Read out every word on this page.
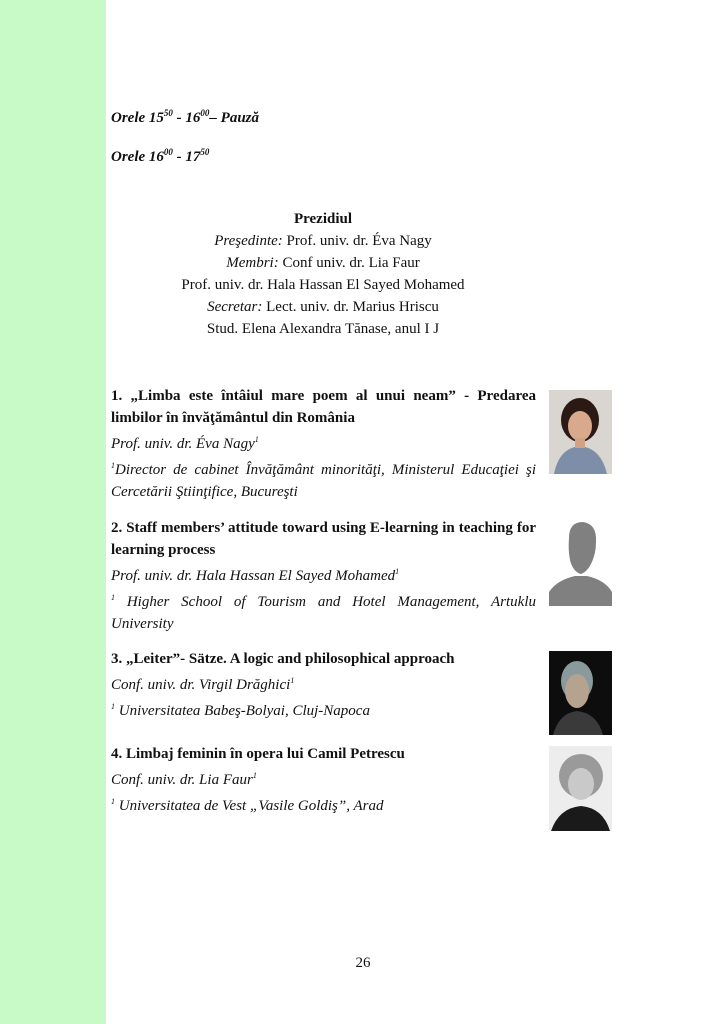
Orele $15^{50} - 16^{00}-$ Pauză
Orele $16^{00} - 17^{50}$
Prezidiul
Preşedinte: Prof. univ. dr. Éva Nagy
Membri: Conf univ. dr. Lia Faur
Prof. univ. dr. Hala Hassan El Sayed Mohamed
Secretar: Lect. univ. dr. Marius Hriscu
Stud. Elena Alexandra Tănase, anul I J
1. „Limba este întâiul mare poem al unui neam” - Predarea limbilor în învăţământul din România
Prof. univ. dr. Éva Nagy$^1$
$^1$Director de cabinet Învăţământ minorităţi, Ministerul Educaţiei şi Cercetării Ştiinţifice, Bucureşti
2. Staff members’ attitude toward using E-learning in teaching for learning process
Prof. univ. dr. Hala Hassan El Sayed Mohamed$^1$
$^1$ Higher School of Tourism and Hotel Management, Artuklu University
3. „Leiter”- Sätze. A logic and philosophical approach
Conf. univ. dr. Virgil Drăghici$^1$
$^1$ Universitatea Babeş-Bolyai, Cluj-Napoca
4. Limbaj feminin în opera lui Camil Petrescu
Conf. univ. dr. Lia Faur$^1$
$^1$ Universitatea de Vest „Vasile Goldiş”, Arad
26
